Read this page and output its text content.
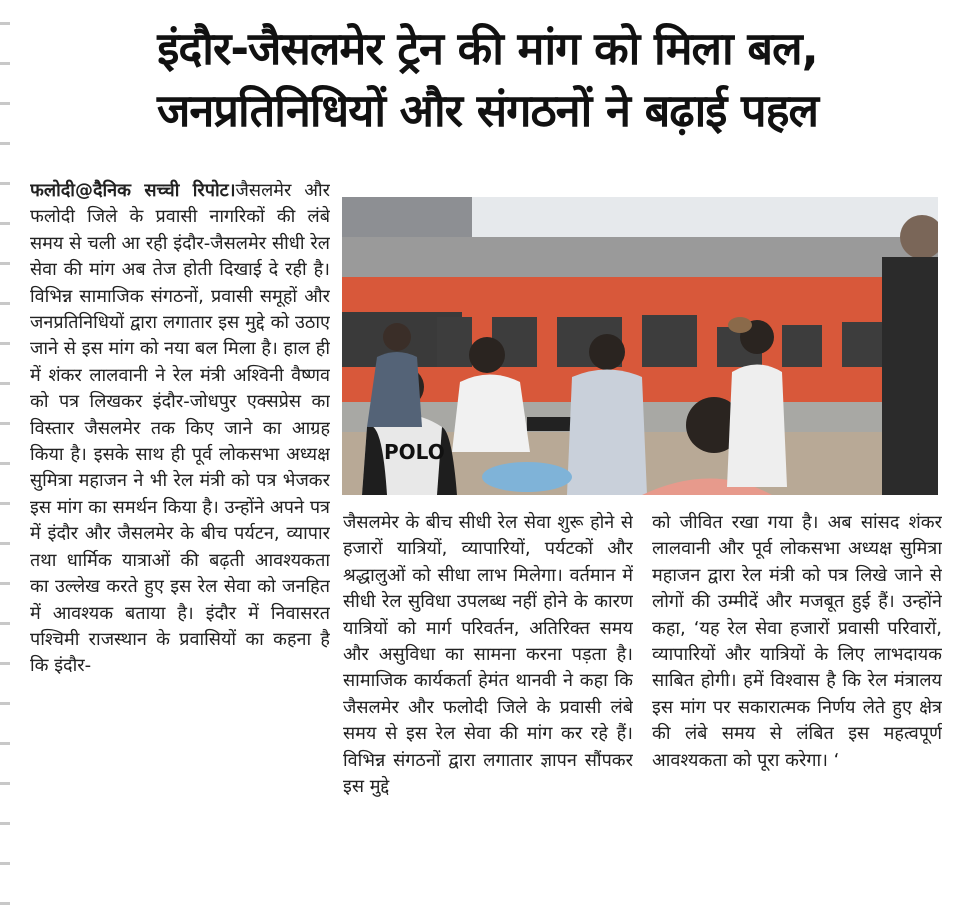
इंदौर-जैसलमेर ट्रेन की मांग को मिला बल,
जनप्रतिनिधियों और संगठनों ने बढ़ाई पहल
फलोदी@दैनिक सच्ची रिपोट।जैसलमेर और फलोदी जिले के प्रवासी नागरिकों की लंबे समय से चली आ रही इंदौर-जैसलमेर सीधी रेल सेवा की मांग अब तेज होती दिखाई दे रही है। विभिन्न सामाजिक संगठनों, प्रवासी समूहों और जनप्रतिनिधियों द्वारा लगातार इस मुद्दे को उठाए जाने से इस मांग को नया बल मिला है। हाल ही में शंकर लालवानी ने रेल मंत्री अश्विनी वैष्णव को पत्र लिखकर इंदौर-जोधपुर एक्सप्रेस का विस्तार जैसलमेर तक किए जाने का आग्रह किया है। इसके साथ ही पूर्व लोकसभा अध्यक्ष सुमित्रा महाजन ने भी रेल मंत्री को पत्र भेजकर इस मांग का समर्थन किया है। उन्होंने अपने पत्र में इंदौर और जैसलमेर के बीच पर्यटन, व्यापार तथा धार्मिक यात्राओं की बढ़ती आवश्यकता का उल्लेख करते हुए इस रेल सेवा को जनहित में आवश्यक बताया है। इंदौर में निवासरत पश्चिमी राजस्थान के प्रवासियों का कहना है कि इंदौर-
POLO
जैसलमेर के बीच सीधी रेल सेवा शुरू होने से हजारों यात्रियों, व्यापारियों, पर्यटकों और श्रद्धालुओं को सीधा लाभ मिलेगा। वर्तमान में सीधी रेल सुविधा उपलब्ध नहीं होने के कारण यात्रियों को मार्ग परिवर्तन, अतिरिक्त समय और असुविधा का सामना करना पड़ता है। सामाजिक कार्यकर्ता हेमंत थानवी ने कहा कि जैसलमेर और फलोदी जिले के प्रवासी लंबे समय से इस रेल सेवा की मांग कर रहे हैं। विभिन्न संगठनों द्वारा लगातार ज्ञापन सौंपकर इस मुद्दे
को जीवित रखा गया है। अब सांसद शंकर लालवानी और पूर्व लोकसभा अध्यक्ष सुमित्रा महाजन द्वारा रेल मंत्री को पत्र लिखे जाने से लोगों की उम्मीदें और मजबूत हुई हैं। उन्होंने कहा, ‘यह रेल सेवा हजारों प्रवासी परिवारों, व्यापारियों और यात्रियों के लिए लाभदायक साबित होगी। हमें विश्वास है कि रेल मंत्रालय इस मांग पर सकारात्मक निर्णय लेते हुए क्षेत्र की लंबे समय से लंबित इस महत्वपूर्ण आवश्यकता को पूरा करेगा। ‘
